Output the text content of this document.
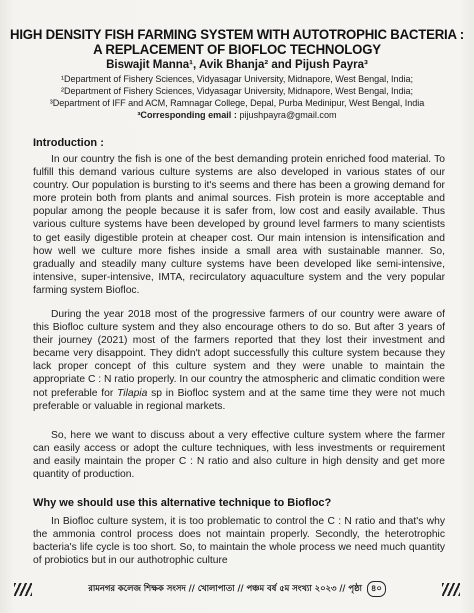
HIGH DENSITY FISH FARMING SYSTEM WITH AUTOTROPHIC BACTERIA :
A REPLACEMENT OF BIOFLOC TECHNOLOGY
Biswajit Manna¹, Avik Bhanja² and Pijush Payra³
¹Department of Fishery Sciences, Vidyasagar University, Midnapore, West Bengal, India;
²Department of Fishery Sciences, Vidyasagar University, Midnapore, West Bengal, India;
³Department of IFF and ACM, Ramnagar College, Depal, Purba Medinipur, West Bengal, India
³Corresponding email : pijushpayra@gmail.com
Introduction :

In our country the fish is one of the best demanding protein enriched food material. To fulfill this demand various culture systems are also developed in various states of our country. Our population is bursting to it's seems and there has been a growing demand for more protein both from plants and animal sources. Fish protein is more acceptable and popular among the people because it is safer from, low cost and easily available. Thus various culture systems have been developed by ground level farmers to many scientists to get easily digestible protein at cheaper cost. Our main intension is intensification and how well we culture more fishes inside a small area with sustainable manner. So, gradually and steadily many culture systems have been developed like semi-intensive, intensive, super-intensive, IMTA, recirculatory aquaculture system and the very popular farming system Biofloc.

During the year 2018 most of the progressive farmers of our country were aware of this Biofloc culture system and they also encourage others to do so. But after 3 years of their journey (2021) most of the farmers reported that they lost their investment and became very disappoint. They didn't adopt successfully this culture system because they lack proper concept of this culture system and they were unable to maintain the appropriate C : N ratio properly. In our country the atmospheric and climatic condition were not preferable for Tilapia sp in Biofloc system and at the same time they were not much preferable or valuable in regional markets.

So, here we want to discuss about a very effective culture system where the farmer can easily access or adopt the culture techniques, with less investments or requirement and easily maintain the proper C : N ratio and also culture in high density and get more quantity of production.

Why we should use this alternative technique to Biofloc?

In Biofloc culture system, it is too problematic to control the C : N ratio and that's why the ammonia control process does not maintain properly. Secondly, the heterotrophic bacteria's life cycle is too short. So, to maintain the whole process we need much quantity of probiotics but in our authotrophic culture

রামনগর কলেজ শিক্ষক সংসদ // খোলাপাতা // পঞ্চম বর্ষ ৫ম সংখ্যা ২০২৩ // পৃষ্ঠা ৪০
